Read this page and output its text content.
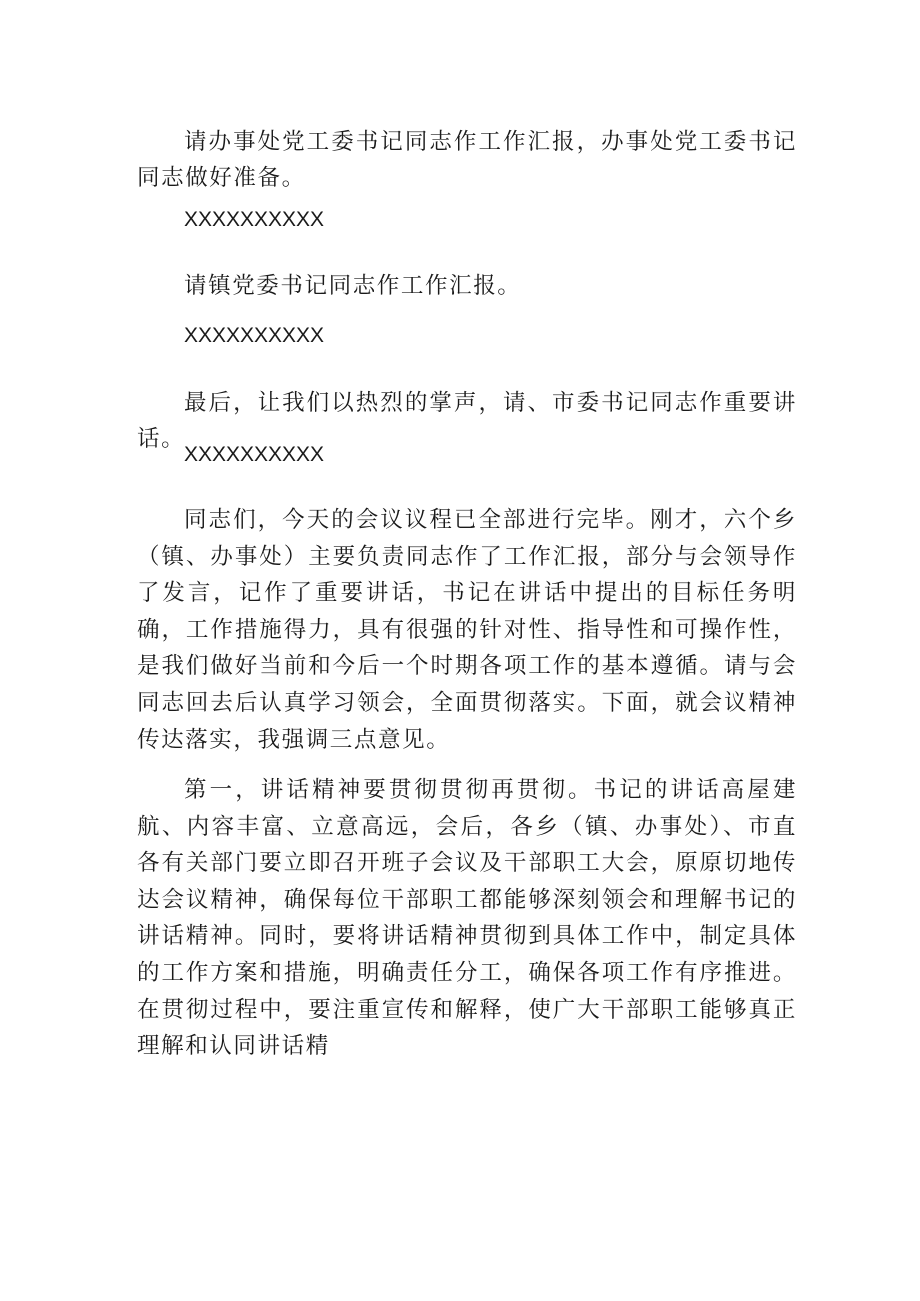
请办事处党工委书记同志作工作汇报，办事处党工委书记同志做好准备。

XXXXXXXXXX

请镇党委书记同志作工作汇报。

XXXXXXXXXX

最后，让我们以热烈的掌声，请、市委书记同志作重要讲话。

XXXXXXXXXX

同志们，今天的会议议程已全部进行完毕。刚才，六个乡（镇、办事处）主要负责同志作了工作汇报，部分与会领导作了发言，记作了重要讲话，书记在讲话中提出的目标任务明确，工作措施得力，具有很强的针对性、指导性和可操作性，是我们做好当前和今后一个时期各项工作的基本遵循。请与会同志回去后认真学习领会，全面贯彻落实。下面，就会议精神传达落实，我强调三点意见。

第一，讲话精神要贯彻贯彻再贯彻。书记的讲话高屋建航、内容丰富、立意高远，会后，各乡（镇、办事处）、市直各有关部门要立即召开班子会议及干部职工大会，原原切地传达会议精神，确保每位干部职工都能够深刻领会和理解书记的讲话精神。同时，要将讲话精神贯彻到具体工作中，制定具体的工作方案和措施，明确责任分工，确保各项工作有序推进。在贯彻过程中，要注重宣传和解释，使广大干部职工能够真正理解和认同讲话精
